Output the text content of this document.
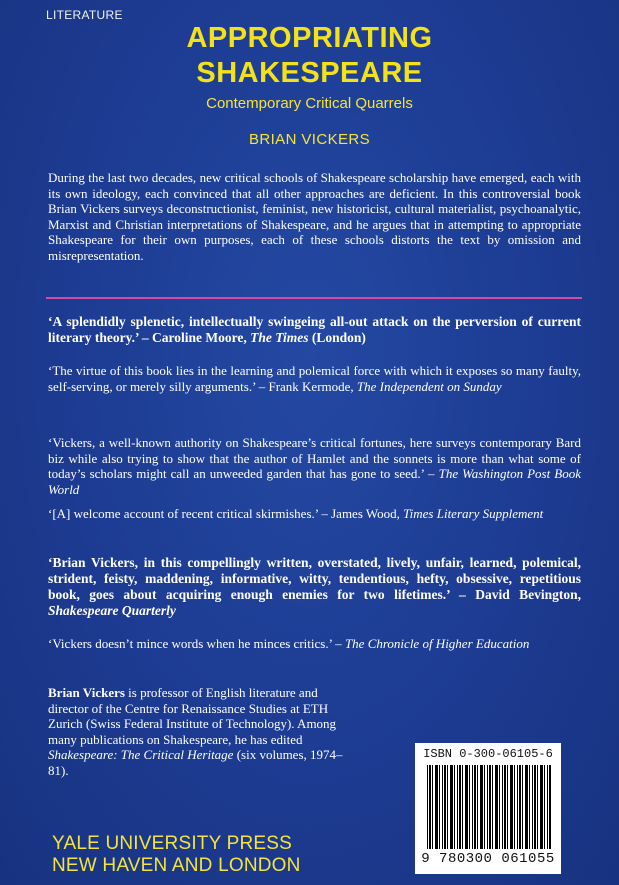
LITERATURE
APPROPRIATING
SHAKESPEARE
Contemporary Critical Quarrels
BRIAN VICKERS
During the last two decades, new critical schools of Shakespeare scholarship have emerged, each with its own ideology, each convinced that all other approaches are deficient. In this controversial book Brian Vickers surveys deconstructionist, feminist, new historicist, cultural materialist, psychoanalytic, Marxist and Christian interpretations of Shakespeare, and he argues that in attempting to appropriate Shakespeare for their own purposes, each of these schools distorts the text by omission and misrepresentation.
‘A splendidly splenetic, intellectually swingeing all-out attack on the perversion of current literary theory.’ – Caroline Moore, The Times (London)
‘The virtue of this book lies in the learning and polemical force with which it exposes so many faulty, self-serving, or merely silly arguments.’ – Frank Kermode, The Independent on Sunday
‘Vickers, a well-known authority on Shakespeare’s critical fortunes, here surveys contemporary Bard biz while also trying to show that the author of Hamlet and the sonnets is more than what some of today’s scholars might call an unweeded garden that has gone to seed.’ – The Washington Post Book World
‘[A] welcome account of recent critical skirmishes.’ – James Wood, Times Literary Supplement
‘Brian Vickers, in this compellingly written, overstated, lively, unfair, learned, polemical, strident, feisty, maddening, informative, witty, tendentious, hefty, obsessive, repetitious book, goes about acquiring enough enemies for two lifetimes.’ – David Bevington, Shakespeare Quarterly
‘Vickers doesn’t mince words when he minces critics.’ – The Chronicle of Higher Education
Brian Vickers is professor of English literature and director of the Centre for Renaissance Studies at ETH Zurich (Swiss Federal Institute of Technology). Among many publications on Shakespeare, he has edited Shakespeare: The Critical Heritage (six volumes, 1974–81).
YALE UNIVERSITY PRESS
NEW HAVEN AND LONDON
ISBN 0-300-06105-6
9 780300 061055
